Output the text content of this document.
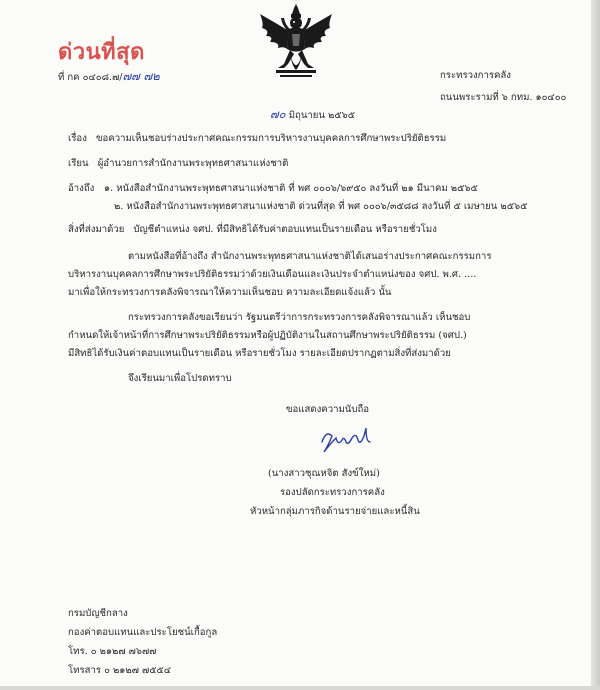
ด่วนที่สุด
ที่ กค ๐๔๐๘.๗/๗๗ ๗๒	กระทรวงการคลัง
ถนนพระรามที่ ๖ กทม. ๑๐๔๐๐
๗๐ มิถุนายน ๒๕๖๕
เรื่อง ขอความเห็นชอบร่างประกาศคณะกรรมการบริหารงานบุคคลการศึกษาพระปริยัติธรรม
เรียน ผู้อำนวยการสำนักงานพระพุทธศาสนาแห่งชาติ
อ้างถึง ๑. หนังสือสำนักงานพระพุทธศาสนาแห่งชาติ ที่ พศ ๐๐๐๖/๖๙๕๐ ลงวันที่ ๒๑ มีนาคม ๒๕๖๕
๒. หนังสือสำนักงานพระพุทธศาสนาแห่งชาติ ด่วนที่สุด ที่ พศ ๐๐๐๖/๓๕๘๘ ลงวันที่ ๕ เมษายน ๒๕๖๕
สิ่งที่ส่งมาด้วย บัญชีตำแหน่ง จศป. ที่มีสิทธิได้รับค่าตอบแทนเป็นรายเดือน หรือรายชั่วโมง
ตามหนังสือที่อ้างถึง สำนักงานพระพุทธศาสนาแห่งชาติได้เสนอร่างประกาศคณะกรรมการ
บริหารงานบุคคลการศึกษาพระปริยัติธรรมว่าด้วยเงินเดือนและเงินประจำตำแหน่งของ จศป. พ.ศ. ....
มาเพื่อให้กระทรวงการคลังพิจารณาให้ความเห็นชอบ ความละเอียดแจ้งแล้ว นั้น
กระทรวงการคลังขอเรียนว่า รัฐมนตรีว่าการกระทรวงการคลังพิจารณาแล้ว เห็นชอบ
กำหนดให้เจ้าหน้าที่การศึกษาพระปริยัติธรรมหรือผู้ปฏิบัติงานในสถานศึกษาพระปริยัติธรรม (จศป.)
มีสิทธิได้รับเงินค่าตอบแทนเป็นรายเดือน หรือรายชั่วโมง รายละเอียดปรากฏตามสิ่งที่ส่งมาด้วย
จึงเรียนมาเพื่อโปรดทราบ
ขอแสดงความนับถือ
(นางสาวชุณหจิต สังข์ใหม่)
รองปลัดกระทรวงการคลัง
หัวหน้ากลุ่มภารกิจด้านรายจ่ายและหนี้สิน
กรมบัญชีกลาง
กองค่าตอบแทนและประโยชน์เกื้อกูล
โทร. ๐ ๒๑๒๗ ๗๖๗๗
โทรสาร ๐ ๒๑๒๗ ๗๕๕๔
